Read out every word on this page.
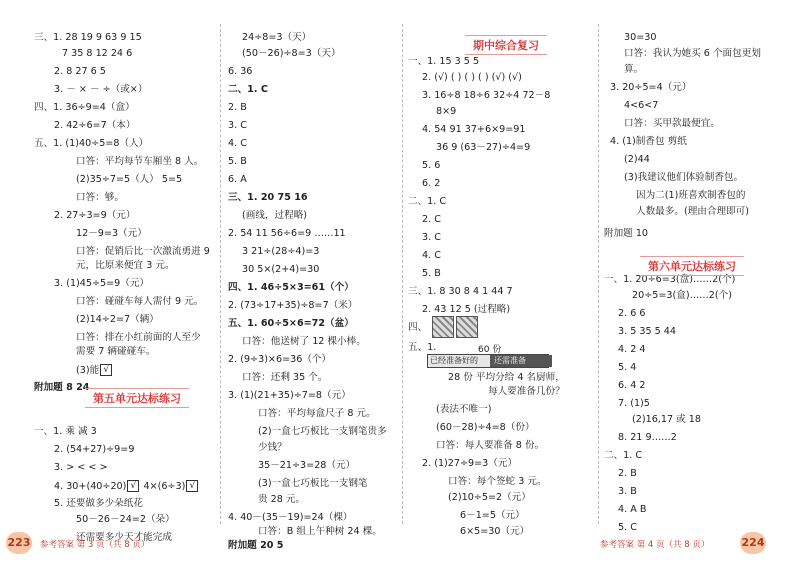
三、1. 28 19 9 63 9 15
7 35 8 12 24 6
2. 8 27 6 5
3. － × － ÷（或×）
四、1. 36÷9=4（盒）
2. 42÷6=7（本）
五、1. (1)40÷5=8（人）
口答：平均每节车厢坐 8 人。
(2)35÷7=5（人） 5=5
口答：够。
2. 27÷3=9（元）
12－9=3（元）
口答：促销后比一次激流勇进 9
元，比原来便宜 3 元。
3. (1)45÷5=9（元）
口答：碰碰车每人需付 9 元。
(2)14÷2=7（辆）
口答：排在小红前面的人至少
需要 7 辆碰碰车。
(3)能 √
附加题 8 24
一、1. 乘 减 3
2. (54+27)÷9=9
3. > < < >
4. 30+(40÷20) √ 4×(6÷3) √
5. 还要做多少朵纸花
50－26－24=2（朵）
还需要多少天才能完成
第五单元达标练习
24÷8=3（天）
(50－26)÷8=3（天）
6. 36
二、1. C
2. B
3. C
4. C
5. B
6. A
三、1. 20 75 16
(画线，过程略)
2. 54 11 56÷6=9 ……11
3 21÷(28÷4)=3
30 5×(2+4)=30
四、1. 46÷5×3=61（个）
2. (73÷17+35)÷8=7（米）
五、1. 60÷5×6=72（盆）
口答：他送树了 12 棵小棒。
2. (9÷3)×6=36（个）
口答：还剩 35 个。
3. (1)(21+35)÷7=8（元）
口答：平均每盒尺子 8 元。
(2)一盒七巧板比一支钢笔贵多
少钱？
35－21÷3=28（元）
(3)一盒七巧板比一支钢笔
贵 28 元。
4. 40－(35－19)=24（棵）
口答：B 组上午种树 24 棵。
附加题 20 5
期中综合复习
一、1. 15 3 5 5
2. (√) ( ) ( ) ( ) (√) (√)
3. 16÷8 18÷6 32÷4 72－8
8×9
4. 54 91 37+6×9=91
36 9 (63－27)÷4=9
5. 6
6. 2
二、1. C
2. C
3. C
4. C
5. B
三、1. 8 30 8 4 1 44 7
2. 43 12 5 (过程略)
四、
五、1.
28 份 平均分给 4 名厨师，
每人要准备几份？
(表法不唯一)
(60－28)÷4=8（份）
口答：每人要准备 8 份。
2. (1)27÷9=3（元）
口答：每个签蛇 3 元。
(2)10÷5=2（元）
6－1=5（元）
6×5=30（元）
30=30
口答：我认为她买 6 个面包更划
算。
3. 20÷5=4（元）
4<6<7
口答：买甲款最便宜。
4. (1)制香包 剪纸
(2)44
(3)我建议他们体验制香包。
因为二(1)班喜欢制香包的
人数最多。(理由合理即可)
附加题 10
一、1. 20÷6=3(盘)……2(个)
20÷5=3(盒)……2(个)
2. 6 6
3. 5 35 5 44
4. 2 4
5. 4
6. 4 2
7. (1)5
(2)16,17 或 18
8. 21 9……2
二、1. C
2. B
3. B
4. A B
5. C
第六单元达标练习
60 份
已经准备好的	还需准备
223 参考答案 第 3 页（共 8 页）	参考答案 第 4 页（共 8 页）	224
